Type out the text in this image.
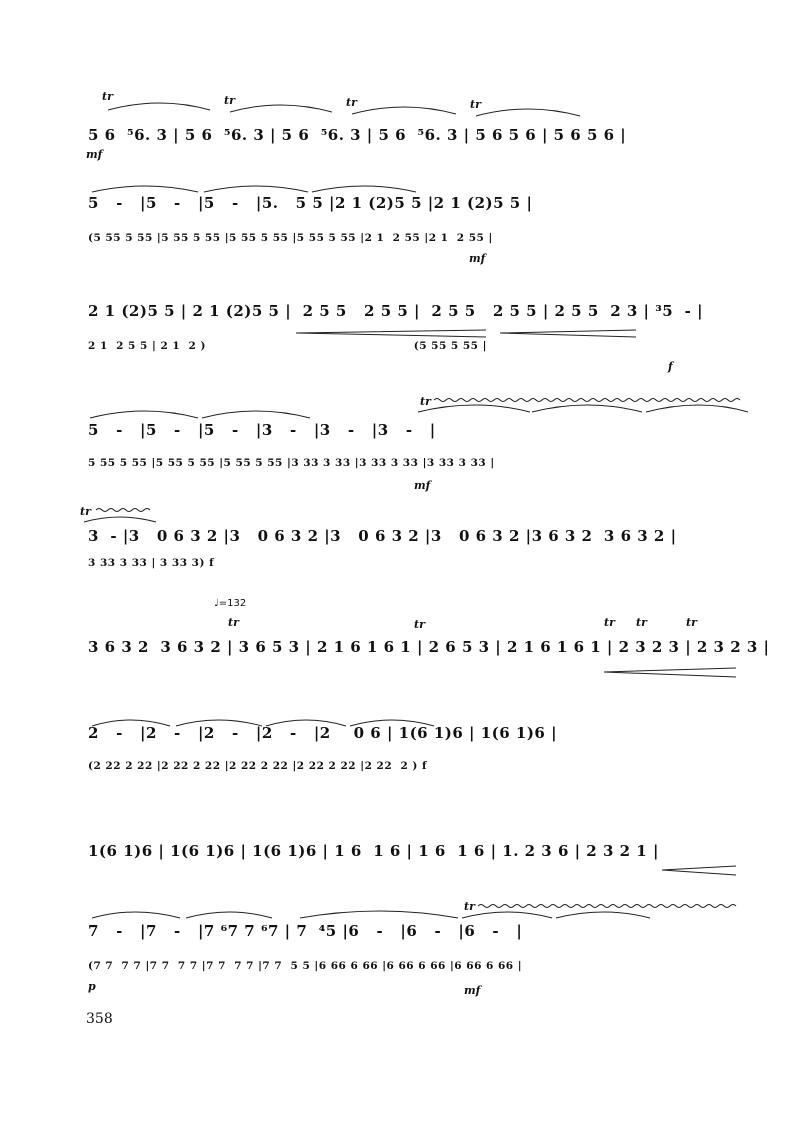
tr	tr	tr	tr
5 6  ⁵6. 3 | 5 6  ⁵6. 3 | 5 6  ⁵6. 3 | 5 6  ⁵6. 3 | 5 6 5 6 | 5 6 5 6 |
mf
5   -   |5   -   |5   -   |5.   5 5 |2 1 (2)5 5 |2 1 (2)5 5 |
(5 55 5 55 |5 55 5 55 |5 55 5 55 |5 55 5 55 |2 1  2 55 |2 1  2 55 |
mf
2 1 (2)5 5 | 2 1 (2)5 5 |  2 5 5   2 5 5 |  2 5 5   2 5 5 | 2 5 5  2 3 | ³5  - |
2 1  2 5 5 | 2 1  2 )                                                  (5 55 5 55 |
f
tr
5   -   |5   -   |5   -   |3   -   |3   -   |3   -   |
5 55 5 55 |5 55 5 55 |5 55 5 55 |3 33 3 33 |3 33 3 33 |3 33 3 33 |
mf
tr
3  - |3   0 6 3 2 |3   0 6 3 2 |3   0 6 3 2 |3   0 6 3 2 |3 6 3 2  3 6 3 2 |
3 33 3 33 | 3 33 3) f
♩=132
tr	tr	tr tr	tr
3 6 3 2  3 6 3 2 | 3 6 5 3 | 2 1 6 1 6 1 | 2 6 5 3 | 2 1 6 1 6 1 | 2 3 2 3 | 2 3 2 3 |
2   -   |2   -   |2   -   |2   -   |2    0 6 | 1(6 1)6 | 1(6 1)6 |
(2 22 2 22 |2 22 2 22 |2 22 2 22 |2 22 2 22 |2 22  2 ) f
1(6 1)6 | 1(6 1)6 | 1(6 1)6 | 1 6  1 6 | 1 6  1 6 | 1. 2 3 6 | 2 3 2 1 |
tr
7   -   |7   -   |7 ⁶7 7 ⁶7 | 7  ⁴5 |6   -   |6   -   |6   -   |
(7 7  7 7 |7 7  7 7 |7 7  7 7 |7 7  5 5 |6 66 6 66 |6 66 6 66 |6 66 6 66 |
p	mf
358
